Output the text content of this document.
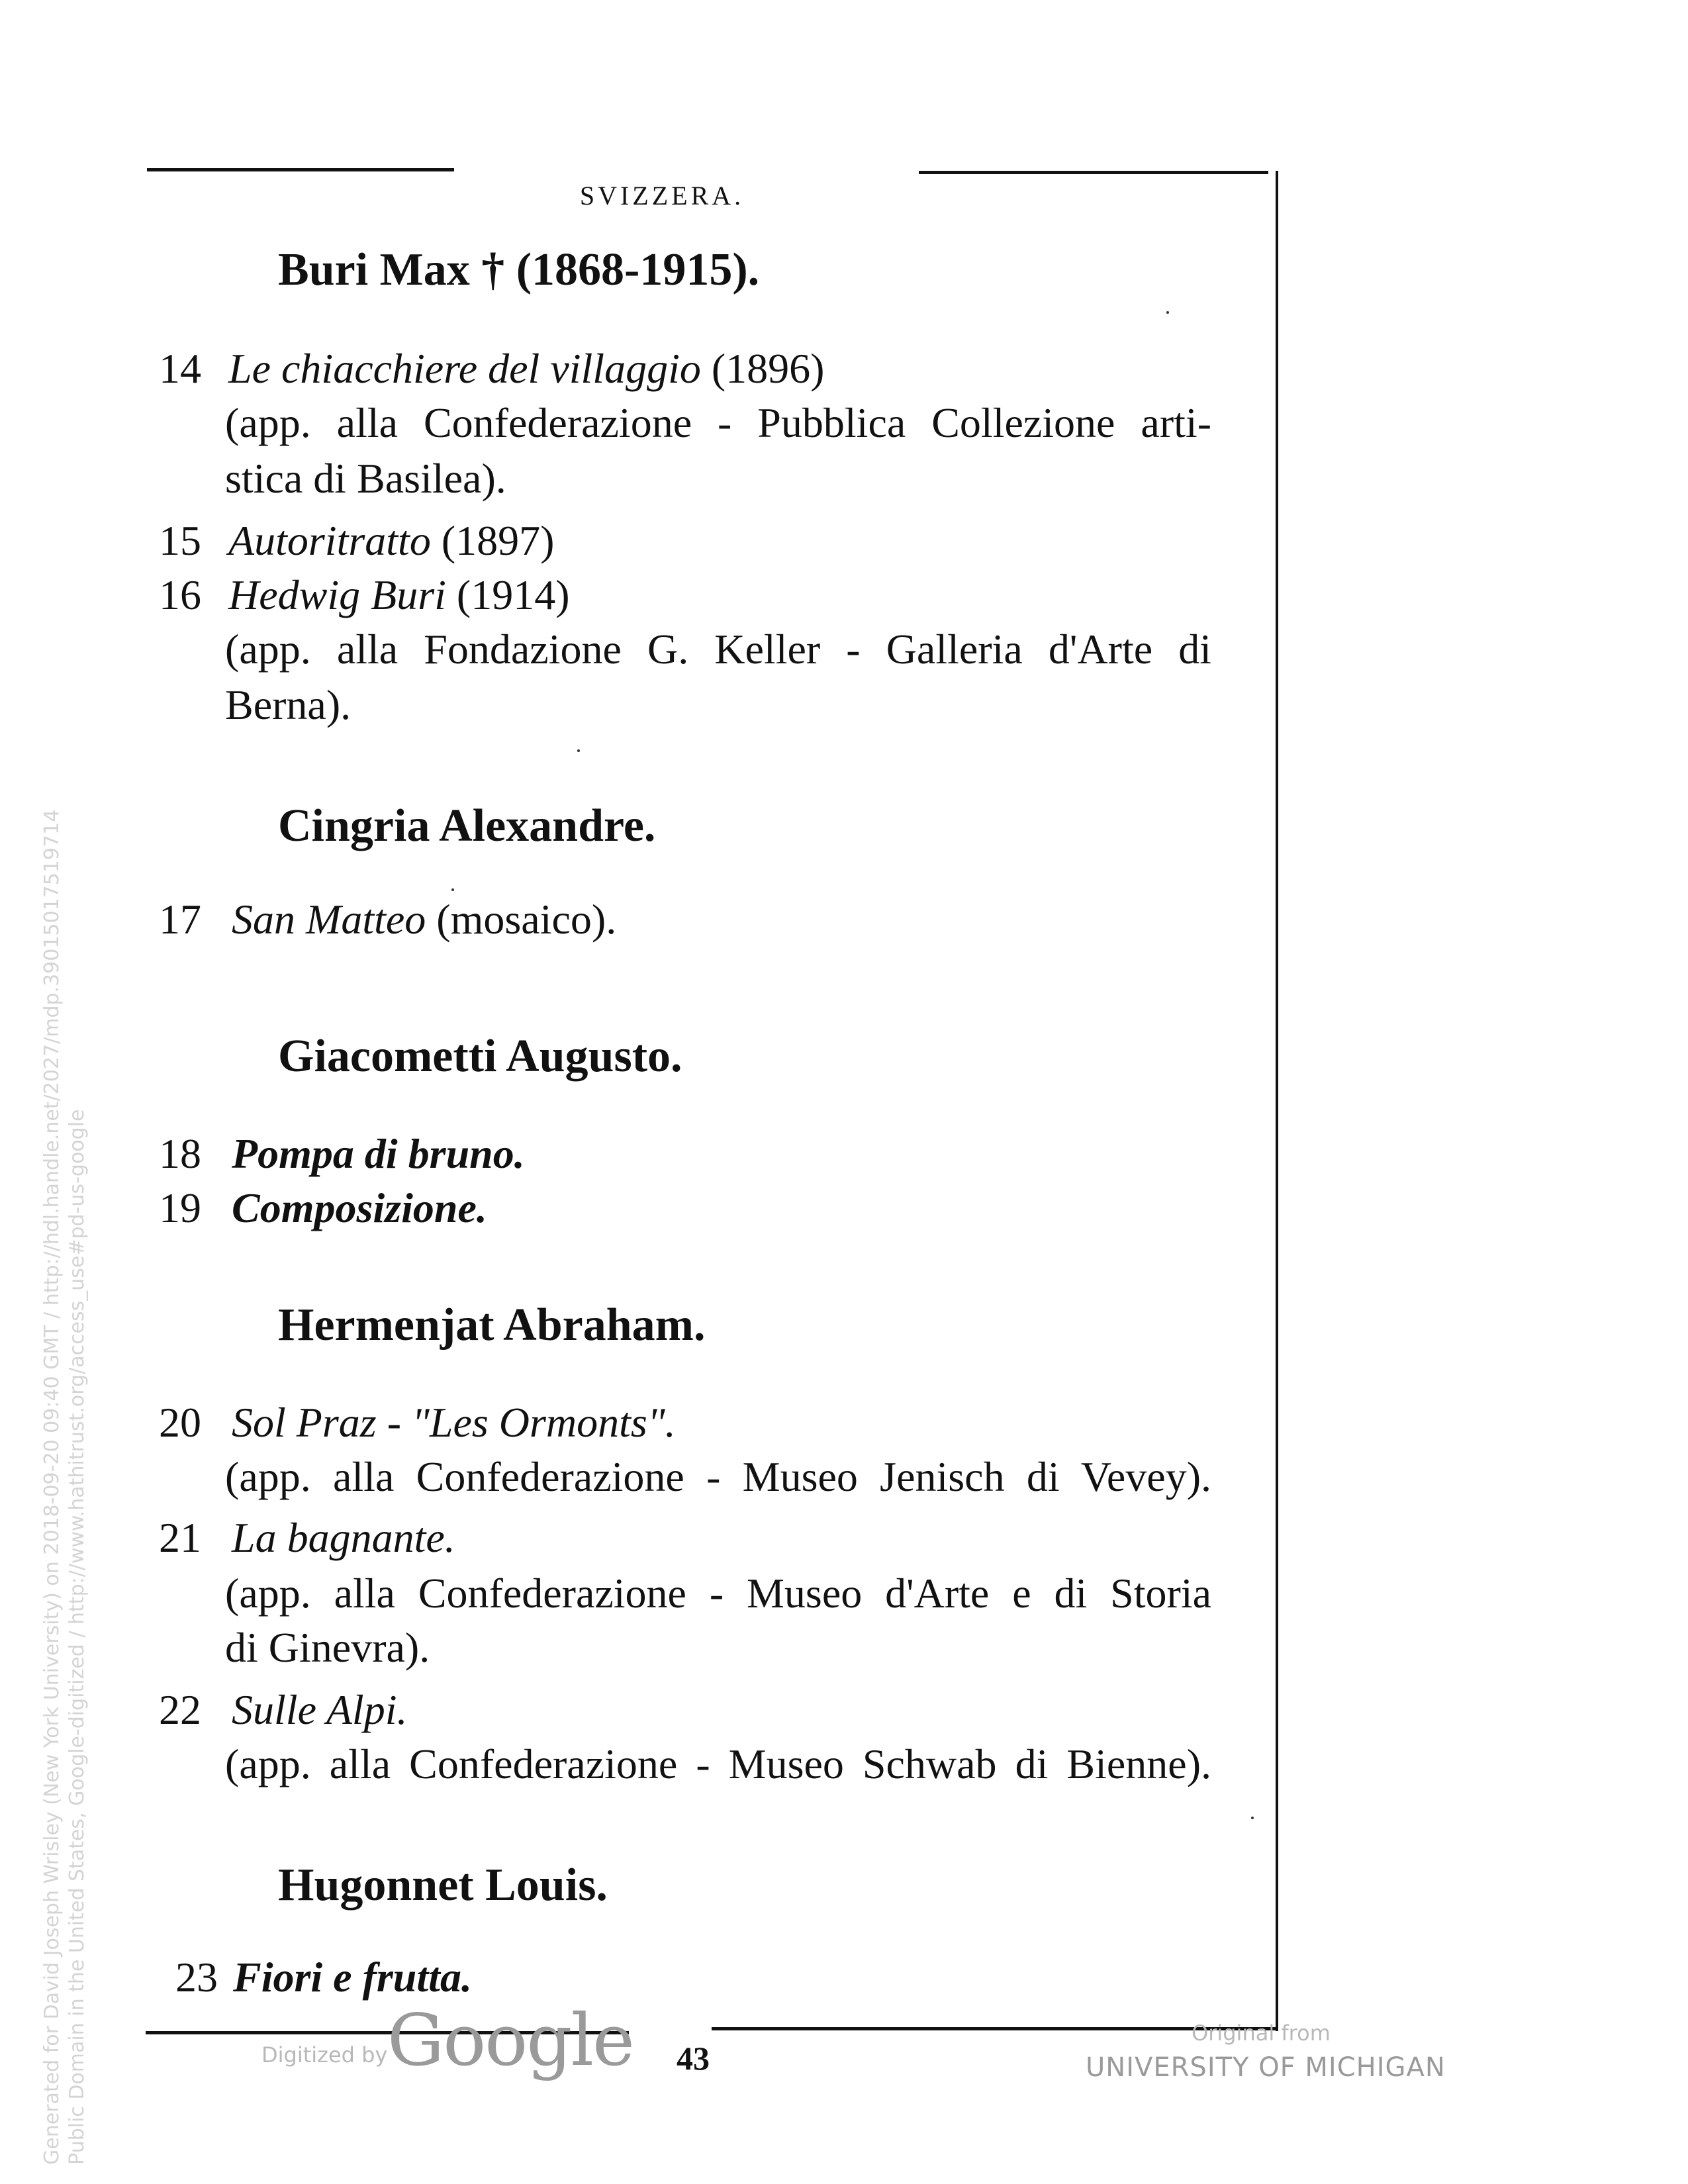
SVIZZERA.
Buri Max † (1868-1915).
14 Le chiacchiere del villaggio (1896)
(app. alla Confederazione - Pubblica Collezione arti-
stica di Basilea).
15 Autoritratto (1897)
16 Hedwig Buri (1914)
(app. alla Fondazione G. Keller - Galleria d'Arte di
Berna).
Cingria Alexandre.
17 San Matteo (mosaico).
Giacometti Augusto.
18 Pompa di bruno.
19 Composizione.
Hermenjat Abraham.
20 Sol Praz - "Les Ormonts".
(app. alla Confederazione - Museo Jenisch di Vevey).
21 La bagnante.
(app. alla Confederazione - Museo d'Arte e di Storia
di Ginevra).
22 Sulle Alpi.
(app. alla Confederazione - Museo Schwab di Bienne).
Hugonnet Louis.
23 Fiori e frutta.
43
Generated for David Joseph Wrisley (New York University) on 2018-09-20 09:40 GMT / http://hdl.handle.net/2027/mdp.39015017519714 Public Domain in the United States, Google-digitized / http://www.hathitrust.org/access_use#pd-us-google	Digitized by Google	Original from
UNIVERSITY OF MICHIGAN
